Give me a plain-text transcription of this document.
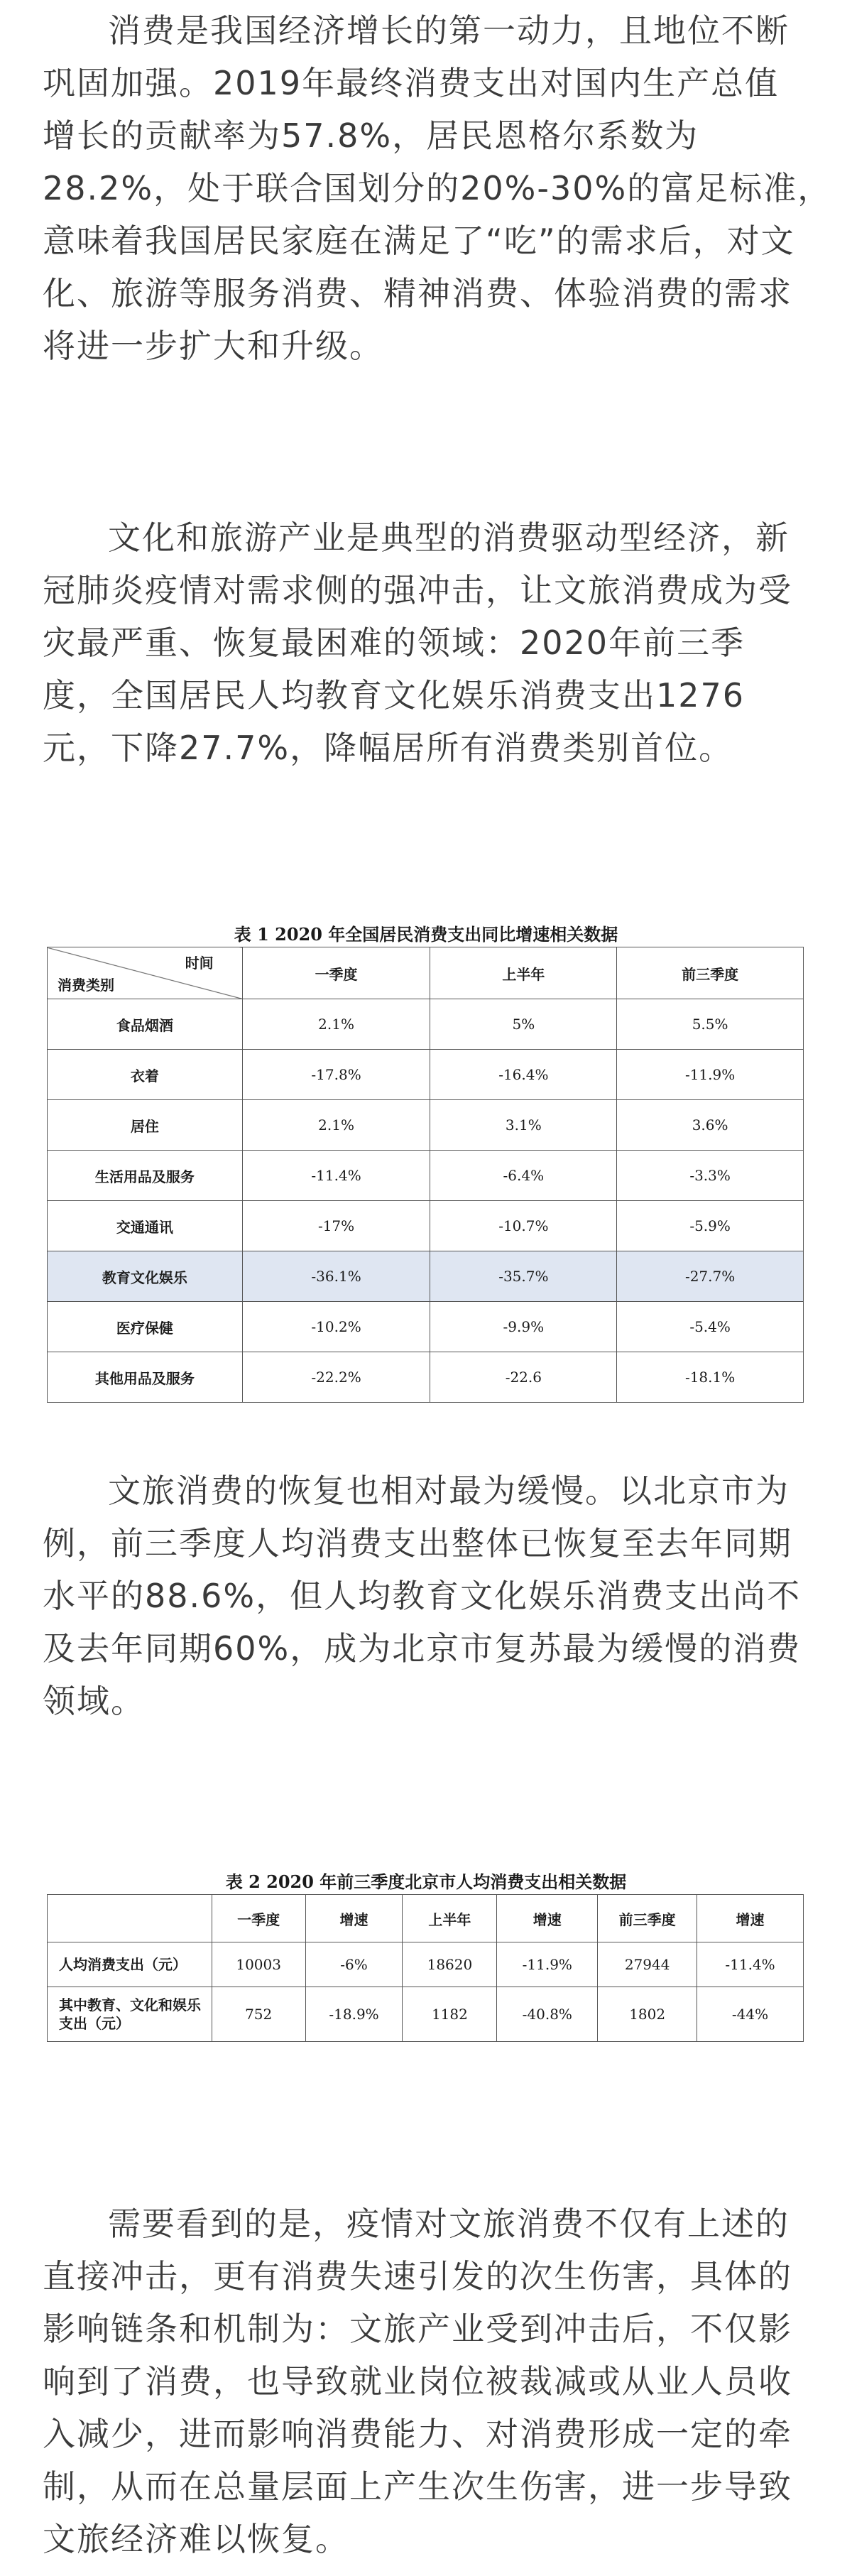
消费是我国经济增长的第一动力，且地位不断
巩固加强。2019年最终消费支出对国内生产总值
增长的贡献率为57.8%，居民恩格尔系数为
28.2%，处于联合国划分的20%-30%的富足标准，
意味着我国居民家庭在满足了“吃”的需求后，对文
化、旅游等服务消费、精神消费、体验消费的需求
将进一步扩大和升级。
文化和旅游产业是典型的消费驱动型经济，新
冠肺炎疫情对需求侧的强冲击，让文旅消费成为受
灾最严重、恢复最困难的领域：2020年前三季
度，全国居民人均教育文化娱乐消费支出1276
元，下降27.7%，降幅居所有消费类别首位。
表 1 2020 年全国居民消费支出同比增速相关数据
时间
消费类别	一季度	上半年	前三季度
食品烟酒	2.1%	5%	5.5%
衣着	-17.8%	-16.4%	-11.9%
居住	2.1%	3.1%	3.6%
生活用品及服务	-11.4%	-6.4%	-3.3%
交通通讯	-17%	-10.7%	-5.9%
教育文化娱乐	-36.1%	-35.7%	-27.7%
医疗保健	-10.2%	-9.9%	-5.4%
其他用品及服务	-22.2%	-22.6	-18.1%
文旅消费的恢复也相对最为缓慢。以北京市为
例，前三季度人均消费支出整体已恢复至去年同期
水平的88.6%，但人均教育文化娱乐消费支出尚不
及去年同期60%，成为北京市复苏最为缓慢的消费
领域。
表 2 2020 年前三季度北京市人均消费支出相关数据
	一季度	增速	上半年	增速	前三季度	增速
人均消费支出（元）	10003	-6%	18620	-11.9%	27944	-11.4%
其中教育、文化和娱乐支出（元）	752	-18.9%	1182	-40.8%	1802	-44%
需要看到的是，疫情对文旅消费不仅有上述的
直接冲击，更有消费失速引发的次生伤害，具体的
影响链条和机制为：文旅产业受到冲击后，不仅影
响到了消费，也导致就业岗位被裁减或从业人员收
入减少，进而影响消费能力、对消费形成一定的牵
制，从而在总量层面上产生次生伤害，进一步导致
文旅经济难以恢复。
